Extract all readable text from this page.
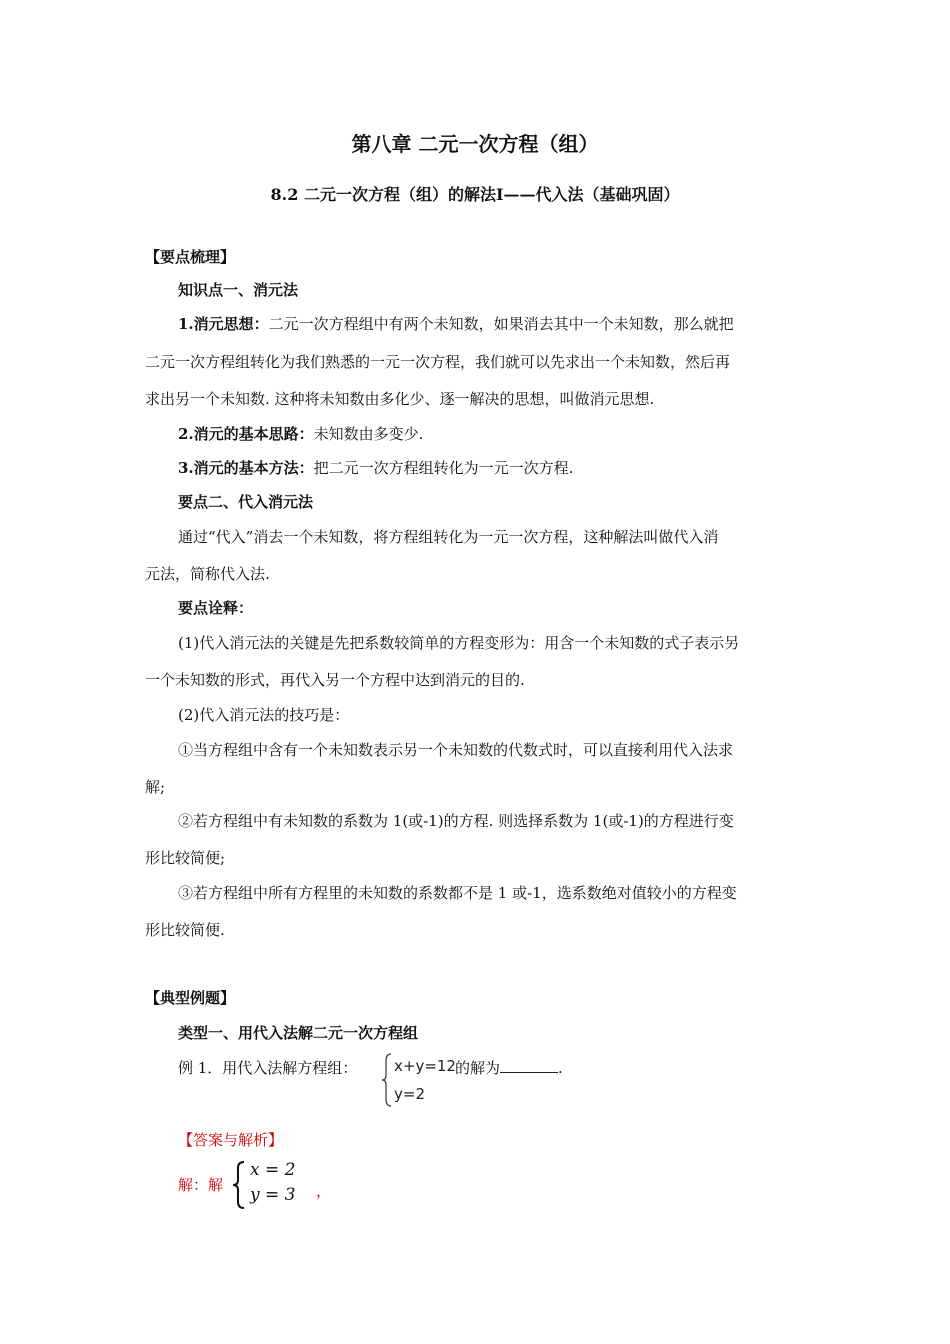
第八章 二元一次方程（组）
8.2 二元一次方程（组）的解法Ⅰ——代入法（基础巩固）
【要点梳理】
知识点一、消元法
1.消元思想：二元一次方程组中有两个未知数，如果消去其中一个未知数，那么就把
二元一次方程组转化为我们熟悉的一元一次方程，我们就可以先求出一个未知数，然后再
求出另一个未知数. 这种将未知数由多化少、逐一解决的思想，叫做消元思想.
2.消元的基本思路：未知数由多变少.
3.消元的基本方法：把二元一次方程组转化为一元一次方程.
要点二、代入消元法
通过“代入”消去一个未知数，将方程组转化为一元一次方程，这种解法叫做代入消
元法，简称代入法.
要点诠释：
(1)代入消元法的关键是先把系数较简单的方程变形为：用含一个未知数的式子表示另
一个未知数的形式，再代入另一个方程中达到消元的目的.
(2)代入消元法的技巧是：
①当方程组中含有一个未知数表示另一个未知数的代数式时，可以直接利用代入法求
解;
②若方程组中有未知数的系数为 1(或-1)的方程. 则选择系数为 1(或-1)的方程进行变
形比较简便;
③若方程组中所有方程里的未知数的系数都不是 1 或-1，选系数绝对值较小的方程变
形比较简便.
【典型例题】
类型一、用代入法解二元一次方程组
例 1．用代入法解方程组：	x+y=12
y=2
的解为	.
【答案与解析】
解：解
x = 2
y = 3 ，
